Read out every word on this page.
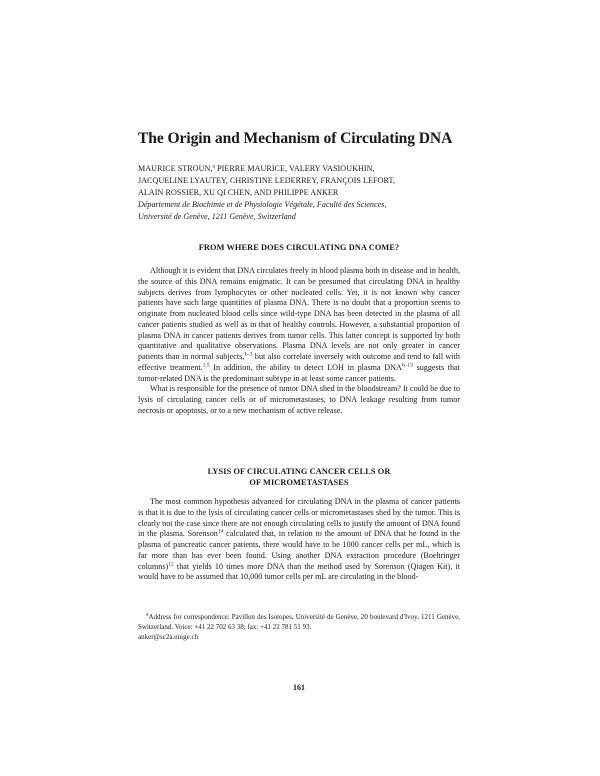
The Origin and Mechanism of Circulating DNA
MAURICE STROUN,$^a$ PIERRE MAURICE, VALERY VASIOUKHIN,
JACQUELINE LYAUTEY, CHRISTINE LEDERREY, FRANÇOIS LEFORT,
ALAIN ROSSIER, XU QI CHEN, AND PHILIPPE ANKER
Département de Biochimie et de Physiologie Végétale, Faculté des Sciences,
Université de Genève, 1211 Genève, Switzerland
FROM WHERE DOES CIRCULATING DNA COME?

Although it is evident that DNA circulates freely in blood plasma both in disease and in health, the source of this DNA remains enigmatic. It can be presumed that circulating DNA in healthy subjects derives from lymphocytes or other nucleated cells. Yet, it is not known why cancer patients have such large quantities of plasma DNA. There is no doubt that a proportion seems to originate from nucleated blood cells since wild-type DNA has been detected in the plasma of all cancer patients studied as well as in that of healthy controls. However, a substantial proportion of plasma DNA in cancer patients derives from tumor cells. This latter concept is supported by both quantitative and qualitative observations. Plasma DNA levels are not only greater in cancer patients than in normal subjects,$^{1-3}$ but also correlate inversely with outcome and tend to fall with effective treatment.$^{1,5}$ In addition, the ability to detect LOH in plasma DNA$^{6-13}$ suggests that tumor-related DNA is the predominant subtype in at least some cancer patients.

What is responsible for the presence of tumor DNA shed in the bloodstream? It could be due to lysis of circulating cancer cells or of micrometastases, to DNA leakage resulting from tumor necrosis or apoptosis, or to a new mechanism of active release.

LYSIS OF CIRCULATING CANCER CELLS OR
OF MICROMETASTASES

The most common hypothesis advanced for circulating DNA in the plasma of cancer patients is that it is due to the lysis of circulating cancer cells or micrometastases shed by the tumor. This is clearly not the case since there are not enough circulating cells to justify the amount of DNA found in the plasma. Sorenson$^{14}$ calculated that, in relation to the amount of DNA that he found in the plasma of pancreatic cancer patients, there would have to be 1000 cancer cells per mL, which is far more than has ever been found. Using another DNA extraction procedure (Boehringer columns)$^{12}$ that yields 10 times more DNA than the method used by Sorenson (Qiagen Kit), it would have to be assumed that 10,000 tumor cells per mL are circulating in the blood-

$^a$Address for correspondence: Pavillon des Isotopes, Université de Genève, 20 boulevard d'Ivoy, 1211 Genève, Switzerland. Voice: +41 22 702 63 38; fax: +41 22 781 51 93.

anker@sc2a.unige.ch
161
